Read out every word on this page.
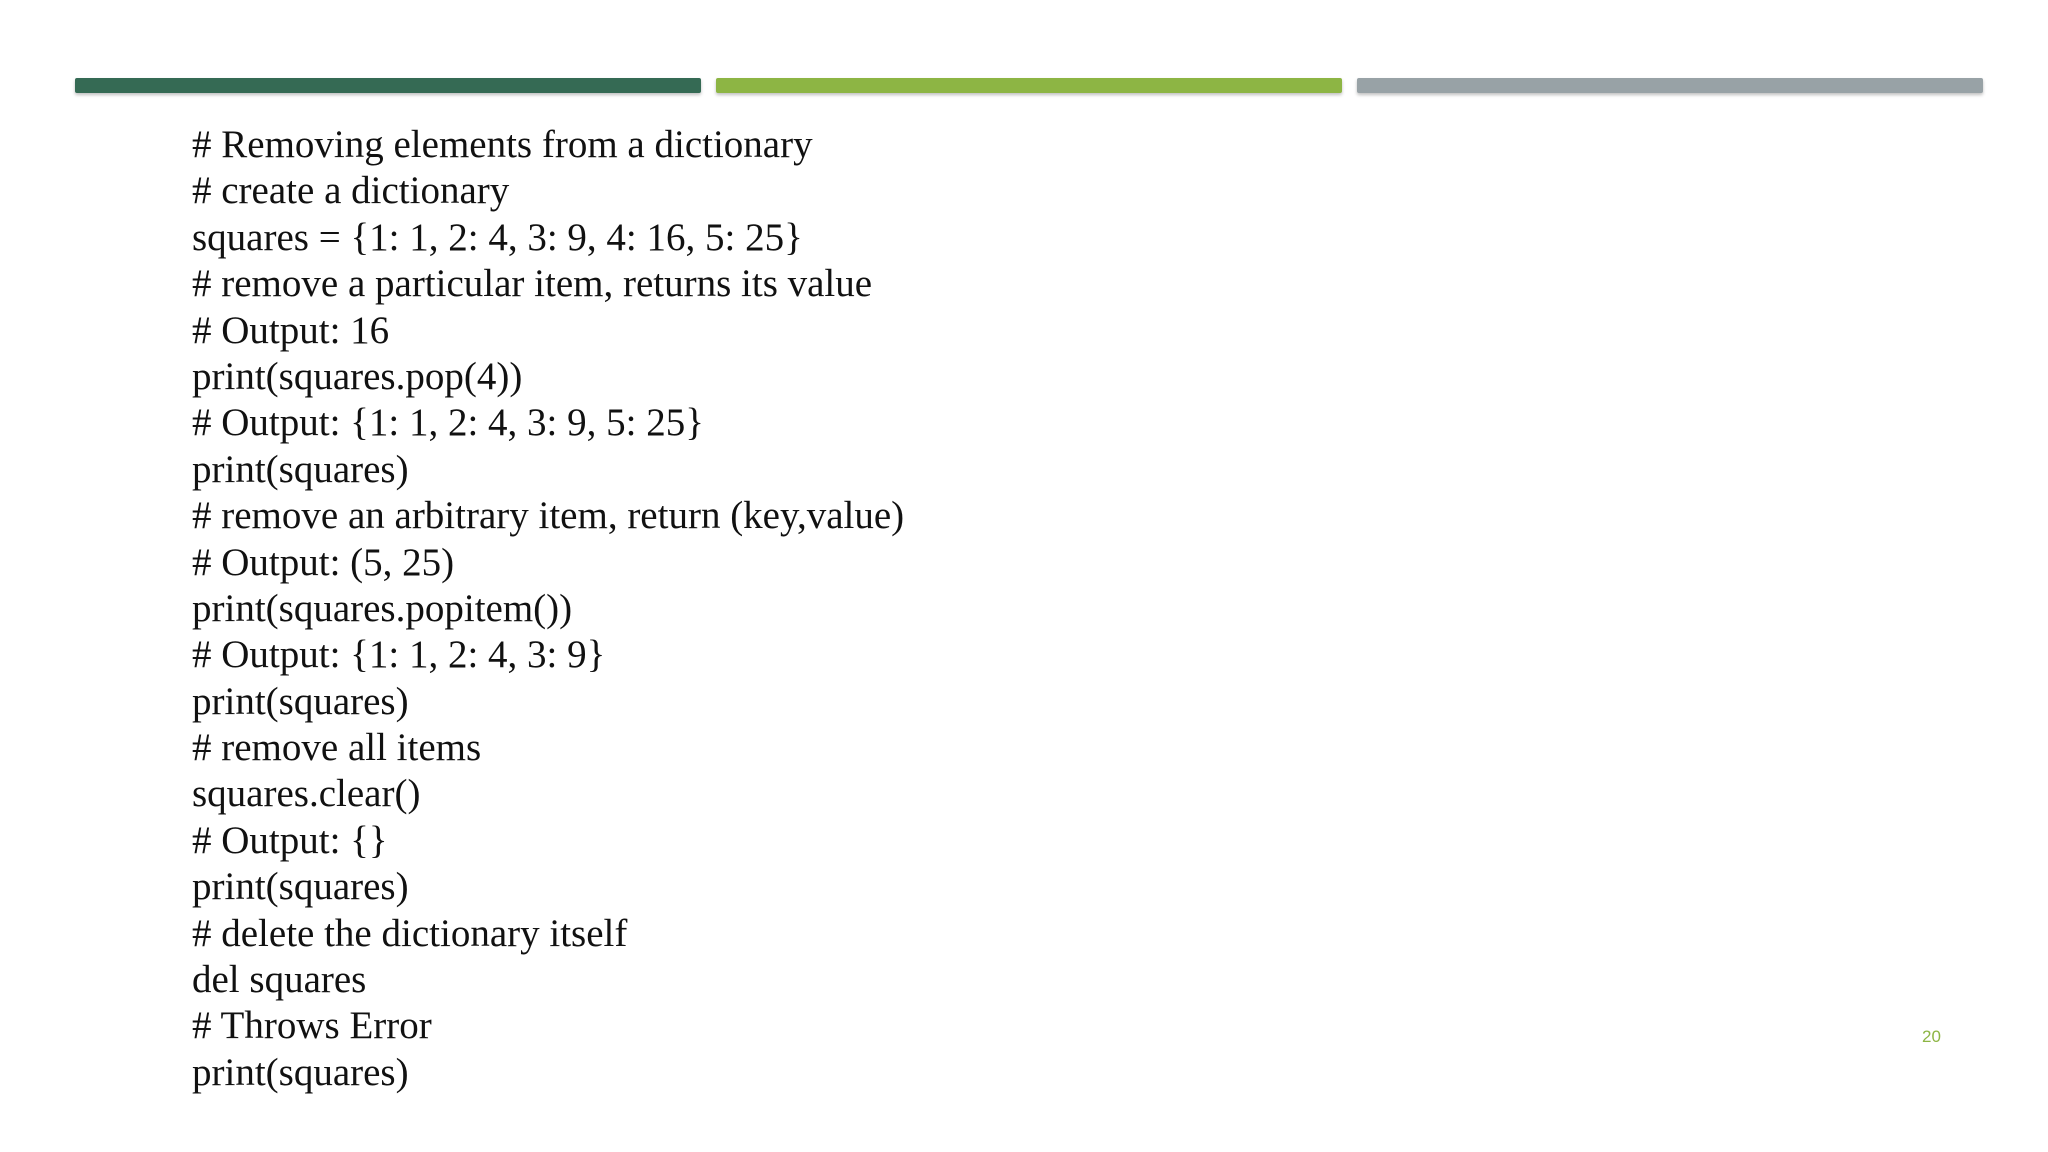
# Removing elements from a dictionary
# create a dictionary
squares = {1: 1, 2: 4, 3: 9, 4: 16, 5: 25}
# remove a particular item, returns its value
# Output: 16
print(squares.pop(4))
# Output: {1: 1, 2: 4, 3: 9, 5: 25}
print(squares)
# remove an arbitrary item, return (key,value)
# Output: (5, 25)
print(squares.popitem())
# Output: {1: 1, 2: 4, 3: 9}
print(squares)
# remove all items
squares.clear()
# Output: {}
print(squares)
# delete the dictionary itself
del squares
# Throws Error
print(squares)
20
